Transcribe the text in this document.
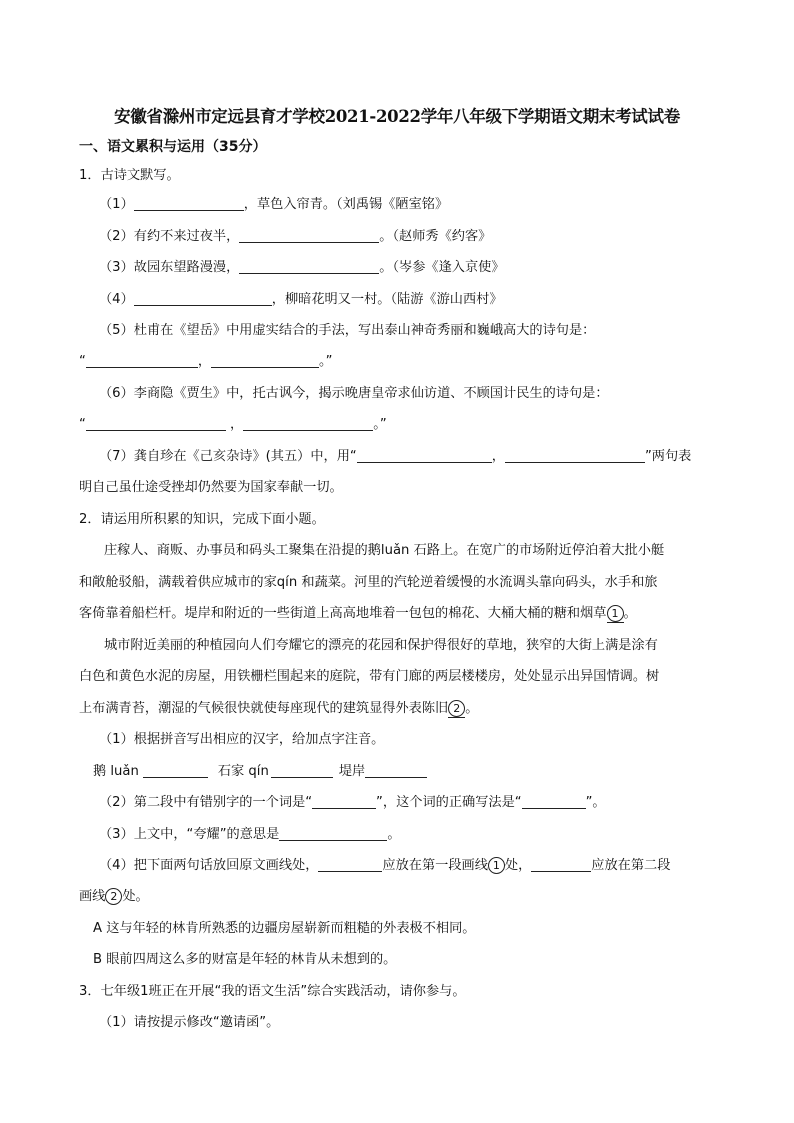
安徽省滁州市定远县育才学校2021-2022学年八年级下学期语文期末考试试卷
一、语文累积与运用（35分）
1．古诗文默写。
（1）	，草色入帘青。（刘禹锡《陋室铭》
（2）有约不来过夜半，	。（赵师秀《约客》
（3）故园东望路漫漫，	。（岑参《逢入京使》
（4）	，柳暗花明又一村。（陆游《游山西村》
（5）杜甫在《望岳》中用虚实结合的手法，写出泰山神奇秀丽和巍峨高大的诗句是：
“	，	。”
（6）李商隐《贾生》中，托古讽今，揭示晚唐皇帝求仙访道、不顾国计民生的诗句是：
“	，	。”
（7）龚自珍在《己亥杂诗》(其五）中，用“	，	”两句表
明自己虽仕途受挫却仍然要为国家奉献一切。
2．请运用所积累的知识，完成下面小题。
庄稼人、商贩、办事员和码头工聚集在沿提的鹅luǎn 石路上。在宽广的市场附近停泊着大批小艇
和敞舱驳船，满载着供应城市的家qín 和蔬菜。河里的汽轮逆着缓慢的水流调头靠向码头，水手和旅
客倚靠着船栏杆。堤岸和附近的一些街道上高高地堆着一包包的棉花、大桶大桶的糖和烟草 1 。
城市附近美丽的种植园向人们夸耀它的漂亮的花园和保护得很好的草地，狭窄的大街上满是涂有
白色和黄色水泥的房屋，用铁栅栏围起来的庭院，带有门廊的两层楼楼房，处处显示出异国情调。树
上布满青苔，潮湿的气候很快就使每座现代的建筑显得外表陈旧 2 。
（1）根据拼音写出相应的汉字，给加点字注音。
鹅 luǎn	石家 qín	堤岸
（2）第二段中有错别字的一个词是“	”，这个词的正确写法是“	”。
（3）上文中，“夸耀”的意思是	。
（4）把下面两句话放回原文画线处，	应放在第一段画线 1 处，	应放在第二段
画线 2 处。
A 这与年轻的林肯所熟悉的边疆房屋崭新而粗糙的外表极不相同。
B 眼前四周这么多的财富是年轻的林肯从未想到的。
3．七年级1班正在开展“我的语文生活”综合实践活动，请你参与。
（1）请按提示修改“邀请函”。
